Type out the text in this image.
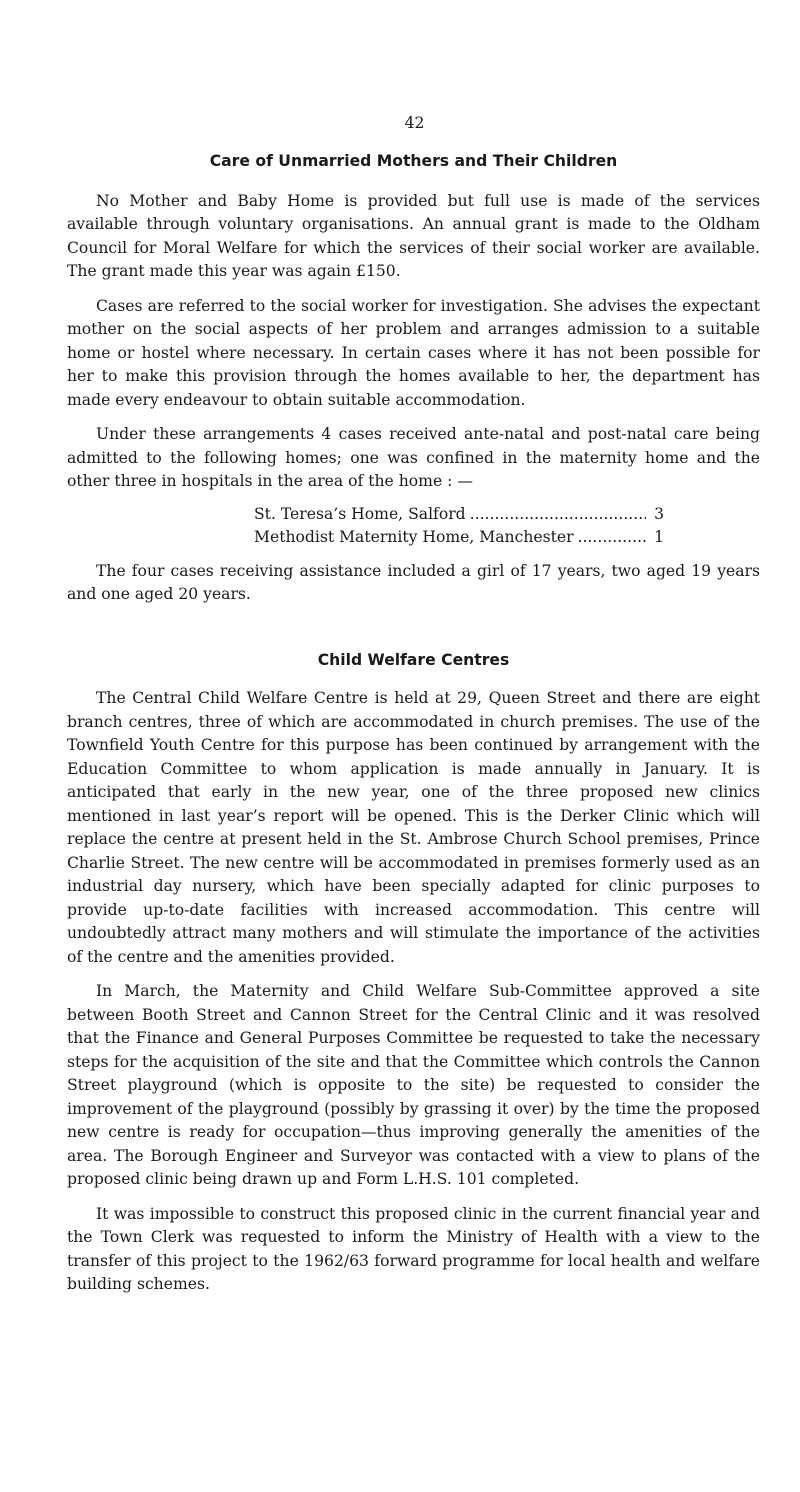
42

Care of Unmarried Mothers and Their Children

No Mother and Baby Home is provided but full use is made of the services available through voluntary organisations. An annual grant is made to the Oldham Council for Moral Welfare for which the services of their social worker are available. The grant made this year was again £150.

Cases are referred to the social worker for investigation. She advises the expectant mother on the social aspects of her problem and arranges admission to a suitable home or hostel where necessary. In certain cases where it has not been possible for her to make this provision through the homes available to her, the department has made every endeavour to obtain suitable accommodation.

Under these arrangements 4 cases received ante-natal and post-natal care being admitted to the following homes; one was confined in the maternity home and the other three in hospitals in the area of the home : —

St. Teresa’s Home, Salford .....	3
Methodist Maternity Home, Manchester .....	1

The four cases receiving assistance included a girl of 17 years, two aged 19 years and one aged 20 years.

Child Welfare Centres

The Central Child Welfare Centre is held at 29, Queen Street and there are eight branch centres, three of which are accommodated in church premises. The use of the Townfield Youth Centre for this purpose has been continued by arrangement with the Education Committee to whom application is made annually in January. It is anticipated that early in the new year, one of the three proposed new clinics mentioned in last year’s report will be opened. This is the Derker Clinic which will replace the centre at present held in the St. Ambrose Church School premises, Prince Charlie Street. The new centre will be accommodated in premises formerly used as an industrial day nursery, which have been specially adapted for clinic purposes to provide up-to-date facilities with increased accommodation. This centre will undoubtedly attract many mothers and will stimulate the importance of the activities of the centre and the amenities provided.

In March, the Maternity and Child Welfare Sub-Committee approved a site between Booth Street and Cannon Street for the Central Clinic and it was resolved that the Finance and General Purposes Committee be requested to take the necessary steps for the acquisition of the site and that the Committee which controls the Cannon Street playground (which is opposite to the site) be requested to consider the improvement of the playground (possibly by grassing it over) by the time the proposed new centre is ready for occupation—thus improving generally the amenities of the area. The Borough Engineer and Surveyor was contacted with a view to plans of the proposed clinic being drawn up and Form L.H.S. 101 completed.

It was impossible to construct this proposed clinic in the current financial year and the Town Clerk was requested to inform the Ministry of Health with a view to the transfer of this project to the 1962/63 forward programme for local health and welfare building schemes.
